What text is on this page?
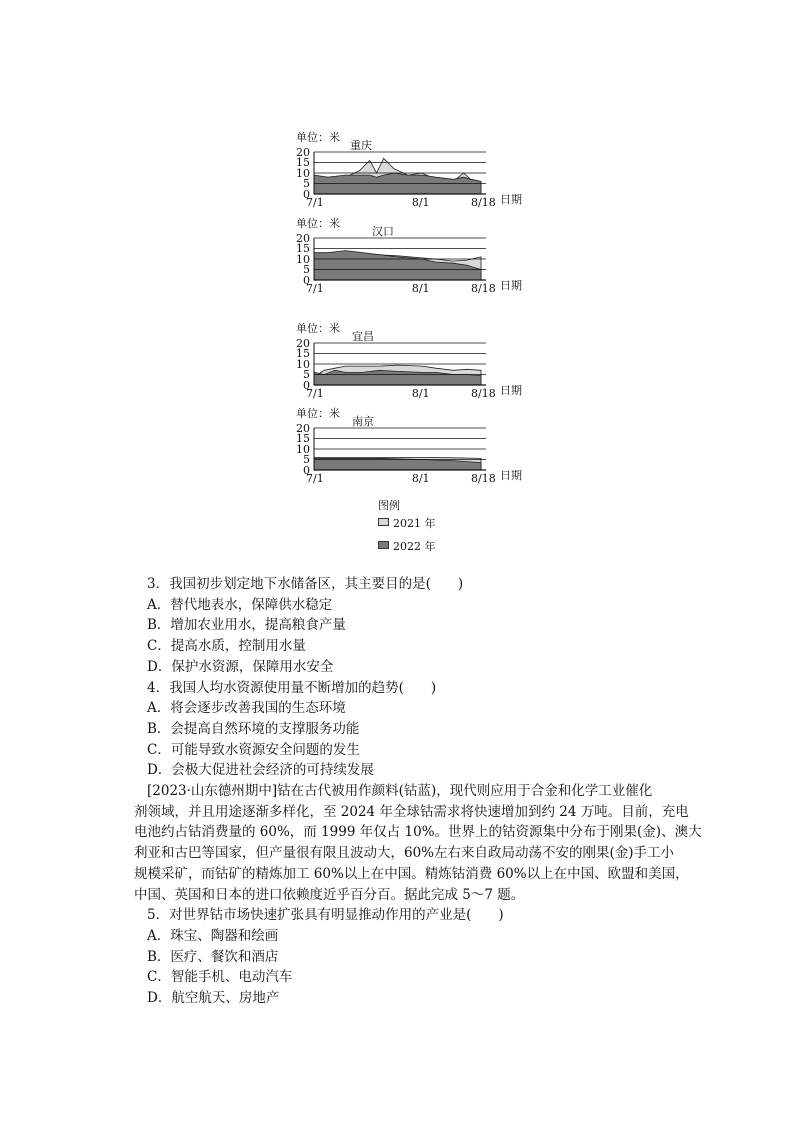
20
15
10
5
0
7/1	8/1	8/18 日期
单位：米
重庆
20
15
10
5
0
7/1	8/1	8/18 日期
单位：米
汉口
20
15
10
5
0
7/1	8/1	8/18 日期
单位：米
宜昌
20
15
10
5
0
7/1	8/1	8/18 日期
单位：米
南京
图例
2021 年
2022 年
3．我国初步划定地下水储备区，其主要目的是(　　)
A．替代地表水，保障供水稳定
B．增加农业用水，提高粮食产量
C．提高水质，控制用水量
D．保护水资源，保障用水安全
4．我国人均水资源使用量不断增加的趋势(　　)
A．将会逐步改善我国的生态环境
B．会提高自然环境的支撑服务功能
C．可能导致水资源安全问题的发生
D．会极大促进社会经济的可持续发展
[2023·山东德州期中]钴在古代被用作颜料(钴蓝)，现代则应用于合金和化学工业催化
剂领域，并且用途逐渐多样化，至 2024 年全球钴需求将快速增加到约 24 万吨。目前，充电
电池约占钴消费量的 60%，而 1999 年仅占 10%。世界上的钴资源集中分布于刚果(金)、澳大
利亚和古巴等国家，但产量很有限且波动大，60%左右来自政局动荡不安的刚果(金)手工小
规模采矿，而钴矿的精炼加工 60%以上在中国。精炼钴消费 60%以上在中国、欧盟和美国，
中国、英国和日本的进口依赖度近乎百分百。据此完成 5～7 题。
5．对世界钴市场快速扩张具有明显推动作用的产业是(　　)
A．珠宝、陶器和绘画
B．医疗、餐饮和酒店
C．智能手机、电动汽车
D．航空航天、房地产
